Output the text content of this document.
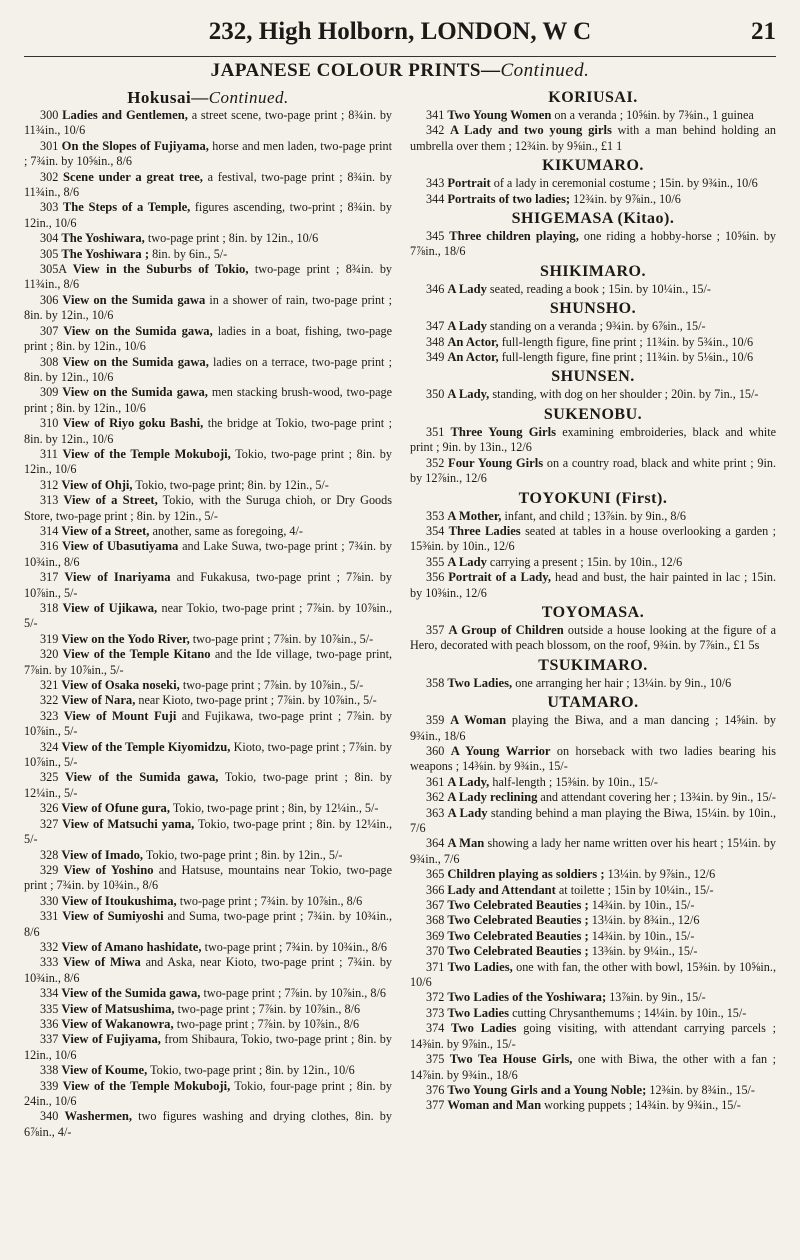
232, High Holborn, LONDON, W C	21
JAPANESE COLOUR PRINTS—Continued.
Hokusai—Continued.

300 Ladies and Gentlemen, a street scene, two-page print ; 8¾in. by 11¾in., 10/6

301 On the Slopes of Fujiyama, horse and men laden, two-page print ; 7¾in. by 10⅝in., 8/6

302 Scene under a great tree, a festival, two-page print ; 8¾in. by 11¾in., 8/6

303 The Steps of a Temple, figures ascending, two-print ; 8¾in. by 12in., 10/6

304 The Yoshiwara, two-page print ; 8in. by 12in., 10/6

305 The Yoshiwara ; 8in. by 6in., 5/-

305A View in the Suburbs of Tokio, two-page print ; 8¾in. by 11¾in., 8/6

306 View on the Sumida gawa in a shower of rain, two-page print ; 8in. by 12in., 10/6

307 View on the Sumida gawa, ladies in a boat, fishing, two-page print ; 8in. by 12in., 10/6

308 View on the Sumida gawa, ladies on a terrace, two-page print ; 8in. by 12in., 10/6

309 View on the Sumida gawa, men stacking brush-wood, two-page print ; 8in. by 12in., 10/6

310 View of Riyo goku Bashi, the bridge at Tokio, two-page print ; 8in. by 12in., 10/6

311 View of the Temple Mokuboji, Tokio, two-page print ; 8in. by 12in., 10/6

312 View of Ohji, Tokio, two-page print; 8in. by 12in., 5/-

313 View of a Street, Tokio, with the Suruga chioh, or Dry Goods Store, two-page print ; 8in. by 12in., 5/-

314 View of a Street, another, same as foregoing, 4/-

316 View of Ubasutiyama and Lake Suwa, two-page print ; 7¾in. by 10¾in., 8/6

317 View of Inariyama and Fukakusa, two-page print ; 7⅞in. by 10⅞in., 5/-

318 View of Ujikawa, near Tokio, two-page print ; 7⅞in. by 10⅞in., 5/-

319 View on the Yodo River, two-page print ; 7⅞in. by 10⅞in., 5/-

320 View of the Temple Kitano and the Ide village, two-page print, 7⅞in. by 10⅞in., 5/-

321 View of Osaka noseki, two-page print ; 7⅞in. by 10⅞in., 5/-

322 View of Nara, near Kioto, two-page print ; 7⅞in. by 10⅞in., 5/-

323 View of Mount Fuji and Fujikawa, two-page print ; 7⅞in. by 10⅞in., 5/-

324 View of the Temple Kiyomidzu, Kioto, two-page print ; 7⅞in. by 10⅞in., 5/-

325 View of the Sumida gawa, Tokio, two-page print ; 8in. by 12¼in., 5/-

326 View of Ofune gura, Tokio, two-page print ; 8in, by 12¼in., 5/-

327 View of Matsuchi yama, Tokio, two-page print ; 8in. by 12¼in., 5/-

328 View of Imado, Tokio, two-page print ; 8in. by 12in., 5/-

329 View of Yoshino and Hatsuse, mountains near Tokio, two-page print ; 7¾in. by 10¾in., 8/6

330 View of Itoukushima, two-page print ; 7¾in. by 10⅞in., 8/6

331 View of Sumiyoshi and Suma, two-page print ; 7¾in. by 10¾in., 8/6

332 View of Amano hashidate, two-page print ; 7¾in. by 10¾in., 8/6

333 View of Miwa and Aska, near Kioto, two-page print ; 7¾in. by 10¾in., 8/6

334 View of the Sumida gawa, two-page print ; 7⅞in. by 10⅞in., 8/6

335 View of Matsushima, two-page print ; 7⅞in. by 10⅞in., 8/6

336 View of Wakanowra, two-page print ; 7⅞in. by 10⅞in., 8/6

337 View of Fujiyama, from Shibaura, Tokio, two-page print ; 8in. by 12in., 10/6

338 View of Koume, Tokio, two-page print ; 8in. by 12in., 10/6

339 View of the Temple Mokuboji, Tokio, four-page print ; 8in. by 24in., 10/6

340 Washermen, two figures washing and drying clothes, 8in. by 6⅞in., 4/-

KORIUSAI.

341 Two Young Women on a veranda ; 10⅝in. by 7⅜in., 1 guinea

342 A Lady and two young girls with a man behind holding an umbrella over them ; 12¾in. by 9⅝in., £1 1

KIKUMARO.

343 Portrait of a lady in ceremonial costume ; 15in. by 9¾in., 10/6

344 Portraits of two ladies; 12¾in. by 9⅞in., 10/6

SHIGEMASA (Kitao).

345 Three children playing, one riding a hobby-horse ; 10⅝in. by 7⅞in., 18/6

SHIKIMARO.

346 A Lady seated, reading a book ; 15in. by 10¼in., 15/-

SHUNSHO.

347 A Lady standing on a veranda ; 9¾in. by 6⅞in., 15/-

348 An Actor, full-length figure, fine print ; 11¾in. by 5¾in., 10/6

349 An Actor, full-length figure, fine print ; 11¾in. by 5⅛in., 10/6

SHUNSEN.

350 A Lady, standing, with dog on her shoulder ; 20in. by 7in., 15/-

SUKENOBU.

351 Three Young Girls examining embroideries, black and white print ; 9in. by 13in., 12/6

352 Four Young Girls on a country road, black and white print ; 9in. by 12⅞in., 12/6

TOYOKUNI (First).

353 A Mother, infant, and child ; 13⅞in. by 9in., 8/6

354 Three Ladies seated at tables in a house overlooking a garden ; 15⅜in. by 10in., 12/6

355 A Lady carrying a present ; 15in. by 10in., 12/6

356 Portrait of a Lady, head and bust, the hair painted in lac ; 15in. by 10⅜in., 12/6

TOYOMASA.

357 A Group of Children outside a house looking at the figure of a Hero, decorated with peach blossom, on the roof, 9¾in. by 7⅞in., £1 5s

TSUKIMARO.

358 Two Ladies, one arranging her hair ; 13¼in. by 9in., 10/6

UTAMARO.

359 A Woman playing the Biwa, and a man dancing ; 14⅝in. by 9¾in., 18/6

360 A Young Warrior on horseback with two ladies bearing his weapons ; 14⅜in. by 9¾in., 15/-

361 A Lady, half-length ; 15⅜in. by 10in., 15/-

362 A Lady reclining and attendant covering her ; 13¾in. by 9in., 15/-

363 A Lady standing behind a man playing the Biwa, 15¼in. by 10in., 7/6

364 A Man showing a lady her name written over his heart ; 15¼in. by 9¾in., 7/6

365 Children playing as soldiers ; 13¼in. by 9⅞in., 12/6

366 Lady and Attendant at toilette ; 15in by 10¼in., 15/-

367 Two Celebrated Beauties ; 14¾in. by 10in., 15/-

368 Two Celebrated Beauties ; 13¼in. by 8¾in., 12/6

369 Two Celebrated Beauties ; 14¾in. by 10in., 15/-

370 Two Celebrated Beauties ; 13⅜in. by 9¼in., 15/-

371 Two Ladies, one with fan, the other with bowl, 15⅜in. by 10⅝in., 10/6

372 Two Ladies of the Yoshiwara; 13⅞in. by 9in., 15/-

373 Two Ladies cutting Chrysanthemums ; 14¼in. by 10in., 15/-

374 Two Ladies going visiting, with attendant carrying parcels ; 14⅜in. by 9⅞in., 15/-

375 Two Tea House Girls, one with Biwa, the other with a fan ; 14⅞in. by 9¾in., 18/6

376 Two Young Girls and a Young Noble; 12⅜in. by 8¾in., 15/-

377 Woman and Man working puppets ; 14¾in. by 9¾in., 15/-
